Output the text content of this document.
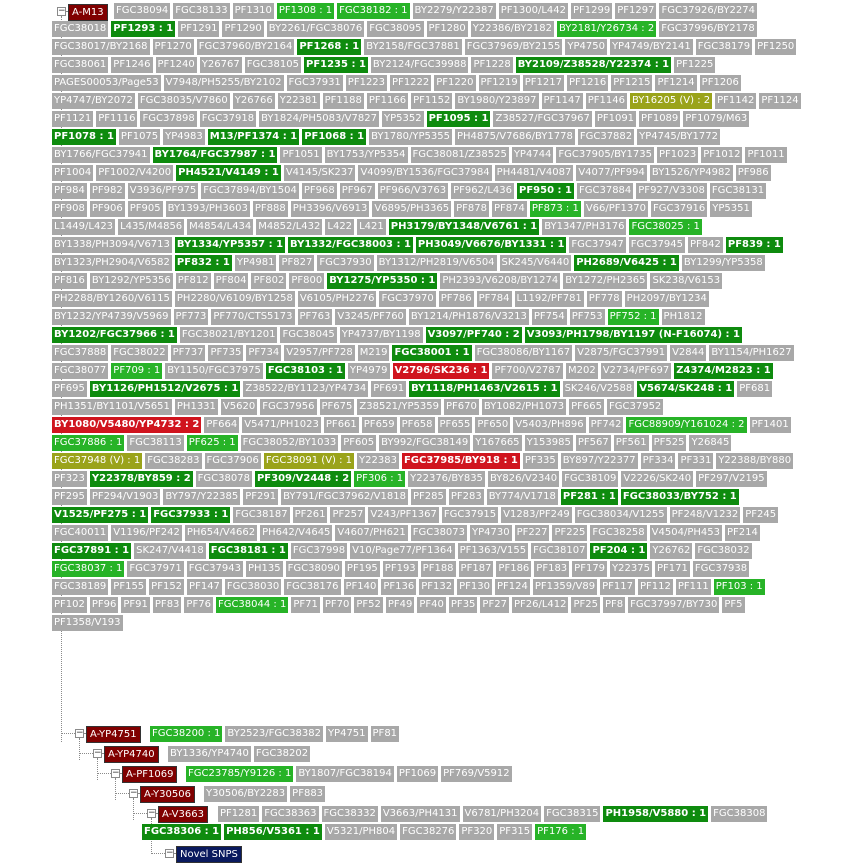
− A-M13	FGC38094 FGC38133 PF1310 PF1308 : 1 FGC38182 : 1 BY2279/Y22387 PF1300/L442 PF1299 PF1297 FGC37926/BY2274FGC38018 PF1293 : 1 PF1291 PF1290 BY2261/FGC38076 FGC38095 PF1280 Y22386/BY2182 BY2181/Y26734 : 2 FGC37996/BY2178FGC38017/BY2168 PF1270 FGC37960/BY2164 PF1268 : 1 BY2158/FGC37881 FGC37969/BY2155 YP4750 YP4749/BY2141 FGC38179 PF1250FGC38061 PF1246 PF1240 Y26767 FGC38105 PF1235 : 1 BY2124/FGC39988 PF1228 BY2109/Z38528/Y22374 : 1 PF1225PAGES00053/Page53 V7948/PH5255/BY2102 FGC37931 PF1223 PF1222 PF1220 PF1219 PF1217 PF1216 PF1215 PF1214 PF1206YP4747/BY2072 FGC38035/V7860 Y26766 Y22381 PF1188 PF1166 PF1152 BY1980/Y23897 PF1147 PF1146 BY16205 (V) : 2 PF1142 PF1124PF1121 PF1116 FGC37898 FGC37918 BY1824/PH5083/V7827 YP5352 PF1095 : 1 Z38527/FGC37967 PF1091 PF1089 PF1079/M63PF1078 : 1 PF1075 YP4983 M13/PF1374 : 1 PF1068 : 1 BY1780/YP5355 PH4875/V7686/BY1778 FGC37882 YP4745/BY1772BY1766/FGC37941 BY1764/FGC37987 : 1 PF1051 BY1753/YP5354 FGC38081/Z38525 YP4744 FGC37905/BY1735 PF1023 PF1012 PF1011PF1004 PF1002/V4200 PH4521/V4149 : 1 V4145/SK237 V4099/BY1536/FGC37984 PH4481/V4087 V4077/PF994 BY1526/YP4982 PF986PF984 PF982 V3936/PF975 FGC37894/BY1504 PF968 PF967 PF966/V3763 PF962/L436 PF950 : 1 FGC37884 PF927/V3308 FGC38131PF908 PF906 PF905 BY1393/PH3603 PF888 PH3396/V6913 V6895/PH3365 PF878 PF874 PF873 : 1 V66/PF1370 FGC37916 YP5351L1449/L423 L435/M4856 M4854/L434 M4852/L432 L422 L421 PH3179/BY1348/V6761 : 1 BY1347/PH3176 FGC38025 : 1BY1338/PH3094/V6713 BY1334/YP5357 : 1 BY1332/FGC38003 : 1 PH3049/V6676/BY1331 : 1 FGC37947 FGC37945 PF842 PF839 : 1BY1323/PH2904/V6582 PF832 : 1 YP4981 PF827 FGC37930 BY1312/PH2819/V6504 SK245/V6440 PH2689/V6425 : 1 BY1299/YP5358PF816 BY1292/YP5356 PF812 PF804 PF802 PF800 BY1275/YP5350 : 1 PH2393/V6208/BY1274 BY1272/PH2365 SK238/V6153PH2288/BY1260/V6115 PH2280/V6109/BY1258 V6105/PH2276 FGC37970 PF786 PF784 L1192/PF781 PF778 PH2097/BY1234BY1232/YP4739/V5969 PF773 PF770/CTS5173 PF763 V3245/PF760 BY1214/PH1876/V3213 PF754 PF753 PF752 : 1 PH1812BY1202/FGC37966 : 1 FGC38021/BY1201 FGC38045 YP4737/BY1198 V3097/PF740 : 2 V3093/PH1798/BY1197 (N-F16074) : 1FGC37888 FGC38022 PF737 PF735 PF734 V2957/PF728 M219 FGC38001 : 1 FGC38086/BY1167 V2875/FGC37991 V2844 BY1154/PH1627FGC38077 PF709 : 1 BY1150/FGC37975 FGC38103 : 1 YP4979 V2796/SK236 : 1 PF700/V2787 M202 V2734/PF697 Z4374/M2823 : 1PF695 BY1126/PH1512/V2675 : 1 Z38522/BY1123/YP4734 PF691 BY1118/PH1463/V2615 : 1 SK246/V2588 V5674/SK248 : 1 PF681PH1351/BY1101/V5651 PH1331 V5620 FGC37956 PF675 Z38521/YP5359 PF670 BY1082/PH1073 PF665 FGC37952BY1080/V5480/YP4732 : 2 PF664 V5471/PH1023 PF661 PF659 PF658 PF655 PF650 V5403/PH896 PF742 FGC88909/Y161024 : 2 PF1401FGC37886 : 1 FGC38113 PF625 : 1 FGC38052/BY1033 PF605 BY992/FGC38149 Y167665 Y153985 PF567 PF561 PF525 Y26845FGC37948 (V) : 1 FGC38283 FGC37906 FGC38091 (V) : 1 Y22383 FGC37985/BY918 : 1 PF335 BY897/Y22377 PF334 PF331 Y22388/BY880PF323 Y22378/BY859 : 2 FGC38078 PF309/V2448 : 2 PF306 : 1 Y22376/BY835 BY826/V2340 FGC38109 V2226/SK240 PF297/V2195PF295 PF294/V1903 BY797/Y22385 PF291 BY791/FGC37962/V1818 PF285 PF283 BY774/V1718 PF281 : 1 FGC38033/BY752 : 1V1525/PF275 : 1 FGC37933 : 1 FGC38187 PF261 PF257 V243/PF1367 FGC37915 V1283/PF249 FGC38034/V1255 PF248/V1232 PF245FGC40011 V1196/PF242 PH654/V4662 PH642/V4645 V4607/PH621 FGC38073 YP4730 PF227 PF225 FGC38258 V4504/PH453 PF214FGC37891 : 1 SK247/V4418 FGC38181 : 1 FGC37998 V10/Page77/PF1364 PF1363/V155 FGC38107 PF204 : 1 Y26762 FGC38032FGC38037 : 1 FGC37971 FGC37943 PH135 FGC38090 PF195 PF193 PF188 PF187 PF186 PF183 PF179 Y22375 PF171 FGC37938FGC38189 PF155 PF152 PF147 FGC38030 FGC38176 PF140 PF136 PF132 PF130 PF124 PF1359/V89 PF117 PF112 PF111 PF103 : 1PF102 PF96 PF91 PF83 PF76 FGC38044 : 1 PF71 PF70 PF52 PF49 PF40 PF35 PF27 PF26/L412 PF25 PF8 FGC37997/BY730 PF5PF1358/V193
− A-YP4751	FGC38200 : 1 BY2523/FGC38382 YP4751 PF81
− A-YP4740	BY1336/YP4740 FGC38202
− A-PF1069	FGC23785/Y9126 : 1 BY1807/FGC38194 PF1069 PF769/V5912
− A-Y30506	Y30506/BY2283 PF883
− A-V3663	PF1281 FGC38363 FGC38332 V3663/PH4131 V6781/PH3204 FGC38315 PH1958/V5880 : 1 FGC38308FGC38306 : 1 PH856/V5361 : 1 V5321/PH804 FGC38276 PF320 PF315 PF176 : 1
− Novel SNPS
